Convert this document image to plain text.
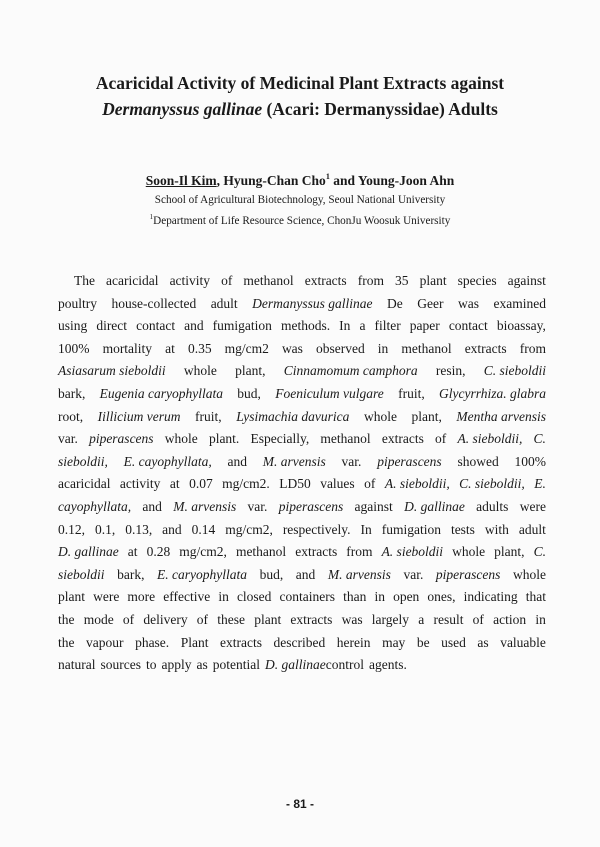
Acaricidal Activity of Medicinal Plant Extracts against
Dermanyssus gallinae (Acari: Dermanyssidae) Adults
Soon-Il Kim, Hyung-Chan Cho$^1$ and Young-Joon Ahn
School of Agricultural Biotechnology, Seoul National University
$^1$Department of Life Resource Science, ChonJu Woosuk University
The acaricidal activity of methanol extracts from 35 plant species against
poultry house-collected adult Dermanyssus gallinae De Geer was examined
using direct contact and fumigation methods. In a filter paper contact bioassay,
100% mortality at 0.35 mg/cm2 was observed in methanol extracts from
Asiasarum sieboldii whole plant, Cinnamomum camphora resin, C. sieboldii
bark, Eugenia caryophyllata bud, Foeniculum vulgare fruit, Glycyrrhiza. glabra
root, Iillicium verum fruit, Lysimachia davurica whole plant, Mentha arvensis
var. piperascens whole plant. Especially, methanol extracts of A. sieboldii, C.
sieboldii, E. cayophyllata, and M. arvensis var. piperascens showed 100%
acaricidal activity at 0.07 mg/cm2. LD50 values of A. sieboldii, C. sieboldii, E.
cayophyllata, and M. arvensis var. piperascens against D. gallinae adults were
0.12, 0.1, 0.13, and 0.14 mg/cm2, respectively. In fumigation tests with adult
D. gallinae at 0.28 mg/cm2, methanol extracts from A. sieboldii whole plant, C.
sieboldii bark, E. caryophyllata bud, and M. arvensis var. piperascens whole
plant were more effective in closed containers than in open ones, indicating that
the mode of delivery of these plant extracts was largely a result of action in
the vapour phase. Plant extracts described herein may be used as valuable
natural sources to apply as potential D. gallinae control agents.
- 81 -
